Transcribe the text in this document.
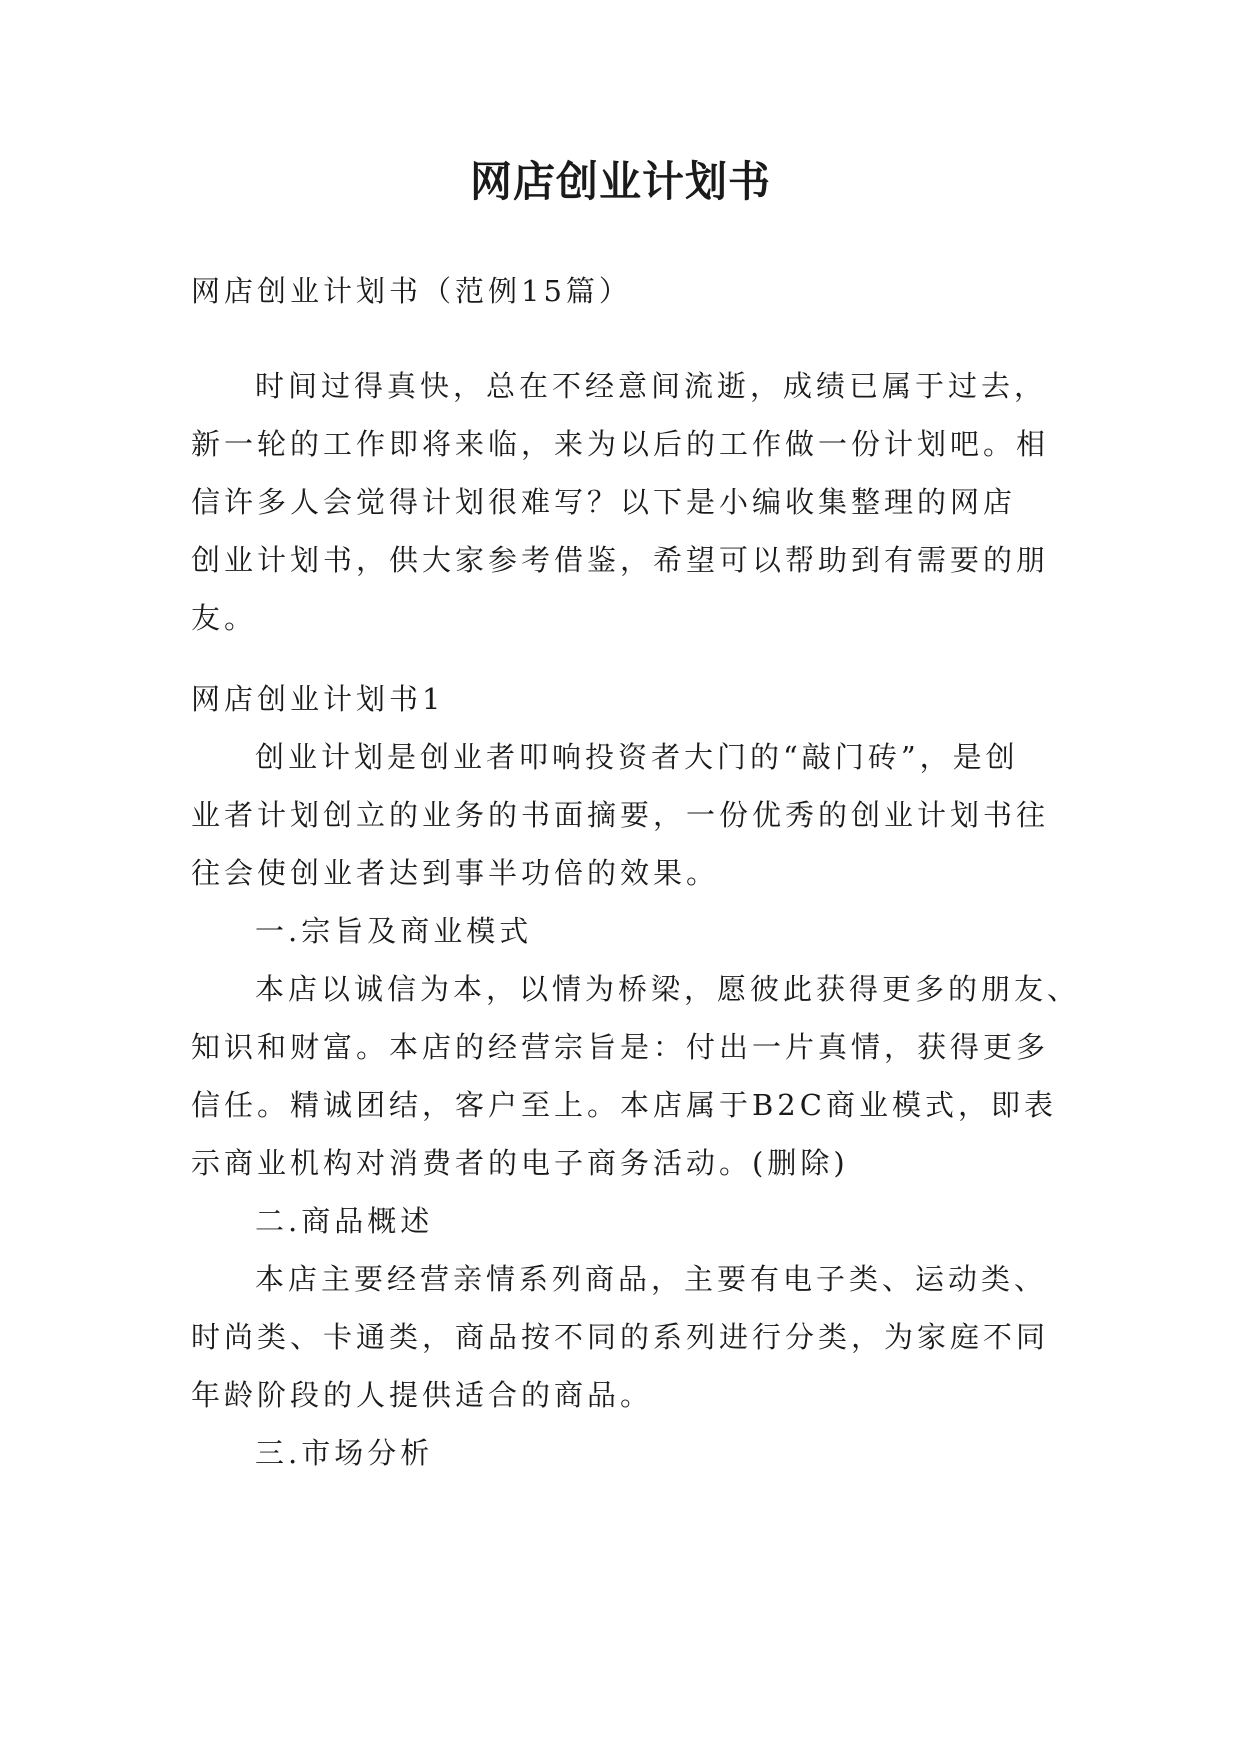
网店创业计划书
网店创业计划书（范例15篇）
时间过得真快，总在不经意间流逝，成绩已属于过去，
新一轮的工作即将来临，来为以后的工作做一份计划吧。相
信许多人会觉得计划很难写？以下是小编收集整理的网店
创业计划书，供大家参考借鉴，希望可以帮助到有需要的朋
友。
网店创业计划书1
创业计划是创业者叩响投资者大门的“敲门砖”，是创
业者计划创立的业务的书面摘要，一份优秀的创业计划书往
往会使创业者达到事半功倍的效果。
一.宗旨及商业模式
本店以诚信为本，以情为桥梁，愿彼此获得更多的朋友、
知识和财富。本店的经营宗旨是：付出一片真情，获得更多
信任。精诚团结，客户至上。本店属于B2C商业模式，即表
示商业机构对消费者的电子商务活动。(删除)
二.商品概述
本店主要经营亲情系列商品，主要有电子类、运动类、
时尚类、卡通类，商品按不同的系列进行分类，为家庭不同
年龄阶段的人提供适合的商品。
三.市场分析
